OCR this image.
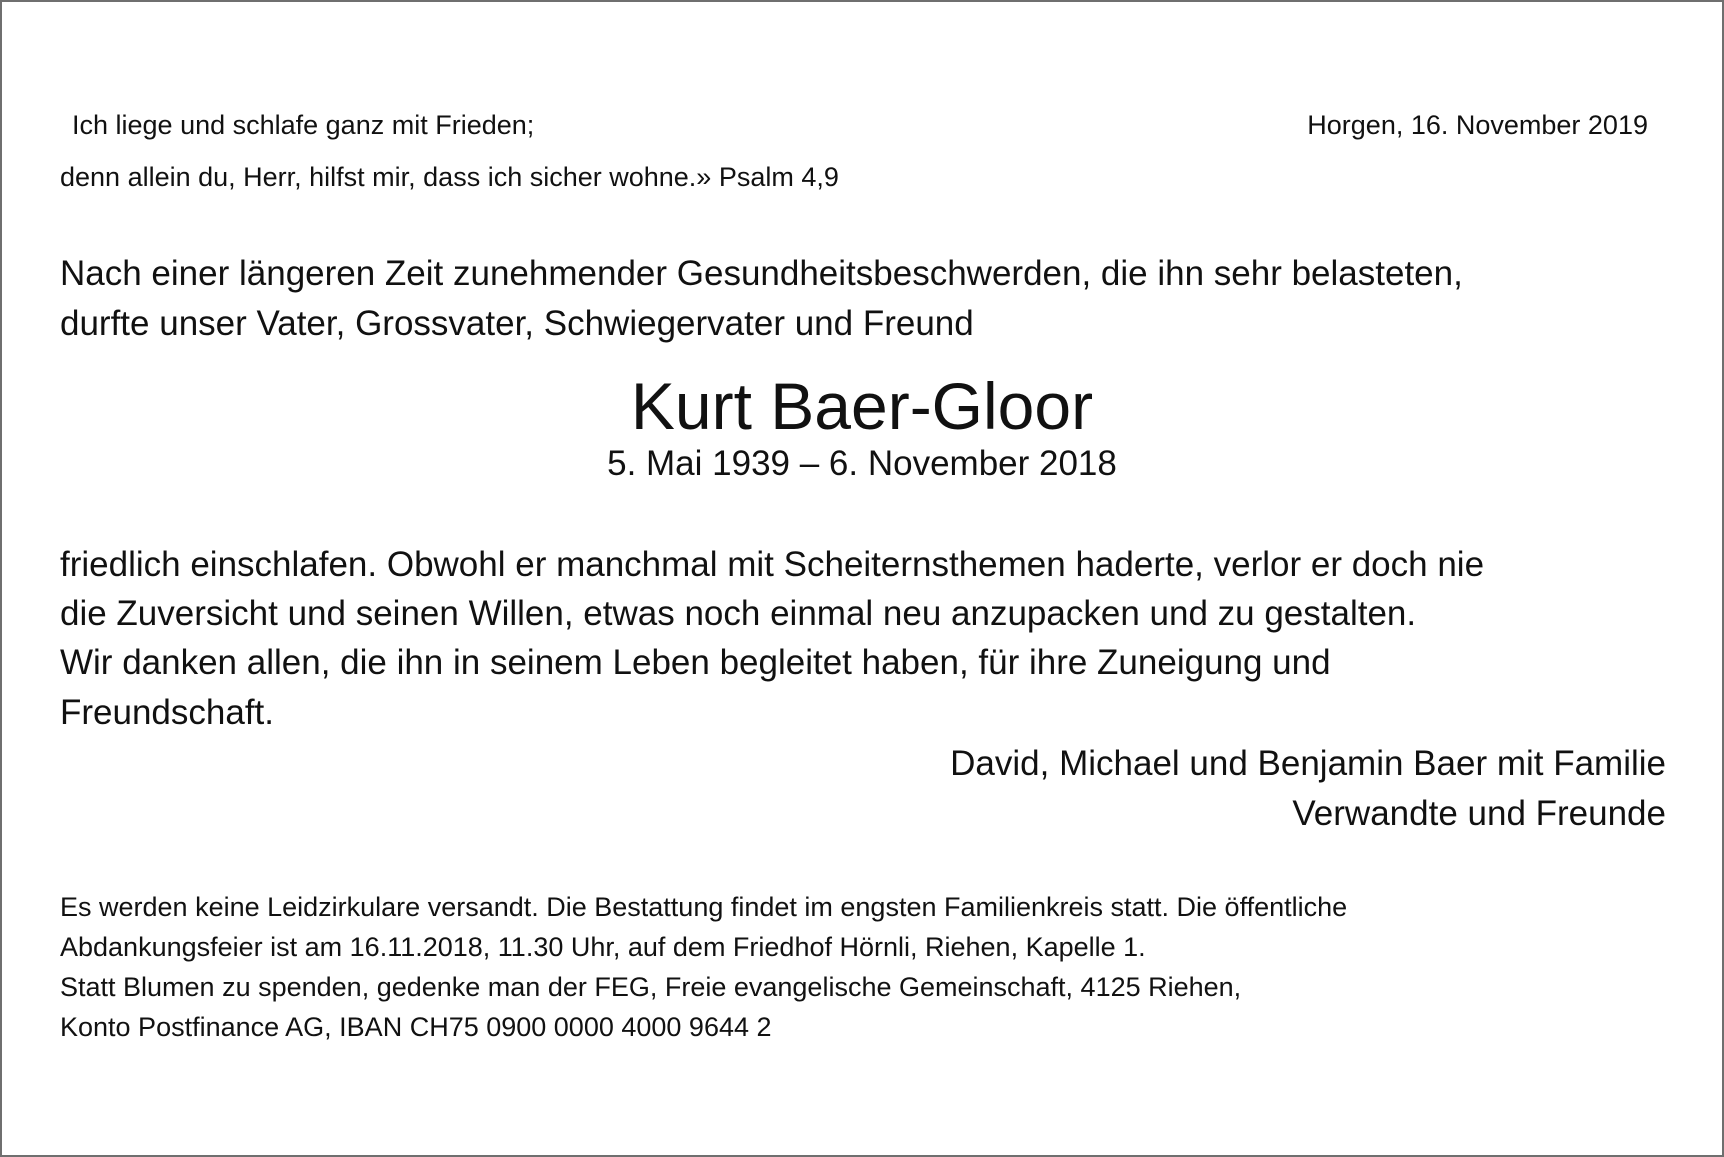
Ich liege und schlafe ganz mit Frieden;
denn allein du, Herr, hilfst mir, dass ich sicher wohne.» Psalm 4,9
Horgen, 16. November 2019
Nach einer längeren Zeit zunehmender Gesundheitsbeschwerden, die ihn sehr belasteten,
durfte unser Vater, Grossvater, Schwiegervater und Freund
Kurt Baer-Gloor
5. Mai 1939 – 6. November 2018
friedlich einschlafen. Obwohl er manchmal mit Scheiternsthemen haderte, verlor er doch nie
die Zuversicht und seinen Willen, etwas noch einmal neu anzupacken und zu gestalten.
Wir danken allen, die ihn in seinem Leben begleitet haben, für ihre Zuneigung und
Freundschaft.
David, Michael und Benjamin Baer mit Familie
Verwandte und Freunde
Es werden keine Leidzirkulare versandt. Die Bestattung findet im engsten Familienkreis statt. Die öffentliche
Abdankungsfeier ist am 16.11.2018, 11.30 Uhr, auf dem Friedhof Hörnli, Riehen, Kapelle 1.
Statt Blumen zu spenden, gedenke man der FEG, Freie evangelische Gemeinschaft, 4125 Riehen,
Konto Postfinance AG, IBAN CH75 0900 0000 4000 9644 2
